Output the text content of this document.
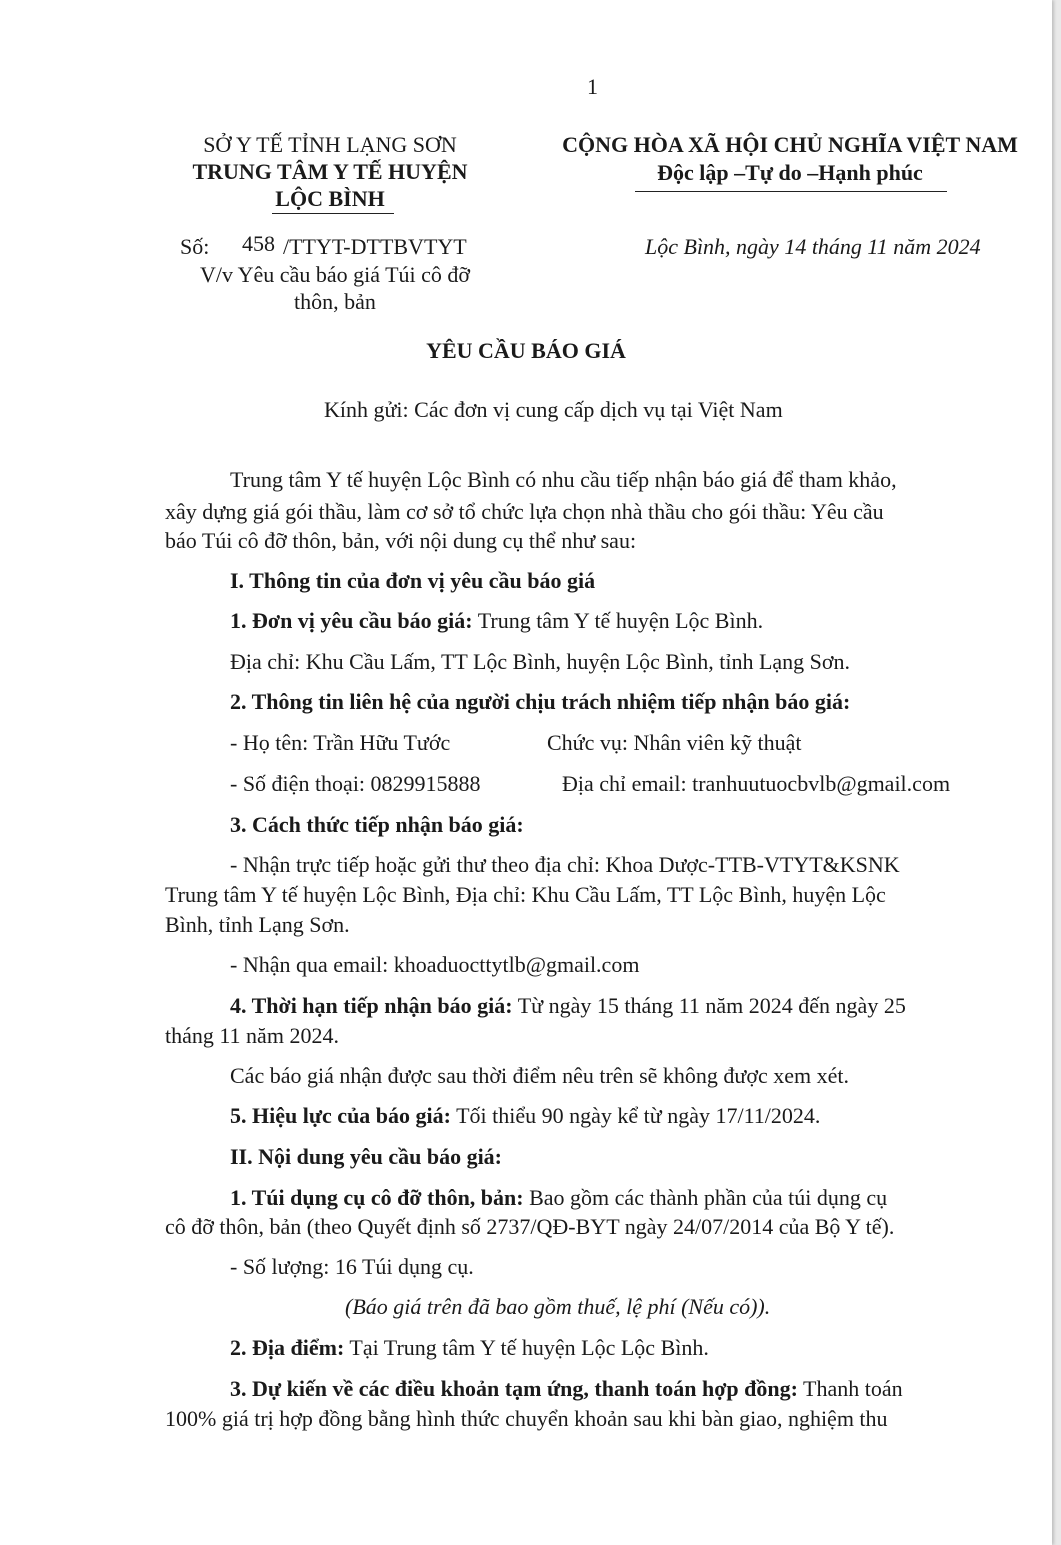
1
SỞ Y TẾ TỈNH LẠNG SƠN
TRUNG TÂM Y TẾ HUYỆN
LỘC BÌNH
CỘNG HÒA XÃ HỘI CHỦ NGHĨA VIỆT NAM
Độc lập –Tự do –Hạnh phúc
Số: 458 /TTYT-DTTBVTYT
V/v Yêu cầu báo giá Túi cô đỡ
thôn, bản
Lộc Bình, ngày 14 tháng 11 năm 2024
YÊU CẦU BÁO GIÁ
Kính gửi: Các đơn vị cung cấp dịch vụ tại Việt Nam
Trung tâm Y tế huyện Lộc Bình có nhu cầu tiếp nhận báo giá để tham khảo,
xây dựng giá gói thầu, làm cơ sở tổ chức lựa chọn nhà thầu cho gói thầu: Yêu cầu
báo Túi cô đỡ thôn, bản, với nội dung cụ thể như sau:
I. Thông tin của đơn vị yêu cầu báo giá
1. Đơn vị yêu cầu báo giá: Trung tâm Y tế huyện Lộc Bình.
Địa chỉ: Khu Cầu Lấm, TT Lộc Bình, huyện Lộc Bình, tỉnh Lạng Sơn.
2. Thông tin liên hệ của người chịu trách nhiệm tiếp nhận báo giá:
- Họ tên: Trần Hữu Tước	Chức vụ: Nhân viên kỹ thuật
- Số điện thoại: 0829915888	Địa chỉ email: tranhuutuocbvlb@gmail.com
3. Cách thức tiếp nhận báo giá:
- Nhận trực tiếp hoặc gửi thư theo địa chỉ: Khoa Dược-TTB-VTYT&KSNK
Trung tâm Y tế huyện Lộc Bình, Địa chỉ: Khu Cầu Lấm, TT Lộc Bình, huyện Lộc
Bình, tỉnh Lạng Sơn.
- Nhận qua email: khoaduocttytlb@gmail.com
4. Thời hạn tiếp nhận báo giá: Từ ngày 15 tháng 11 năm 2024 đến ngày 25
tháng 11 năm 2024.
Các báo giá nhận được sau thời điểm nêu trên sẽ không được xem xét.
5. Hiệu lực của báo giá: Tối thiểu 90 ngày kể từ ngày 17/11/2024.
II. Nội dung yêu cầu báo giá:
1. Túi dụng cụ cô đỡ thôn, bản: Bao gồm các thành phần của túi dụng cụ
cô đỡ thôn, bản (theo Quyết định số 2737/QĐ-BYT ngày 24/07/2014 của Bộ Y tế).
- Số lượng: 16 Túi dụng cụ.
(Báo giá trên đã bao gồm thuế, lệ phí (Nếu có)).
2. Địa điểm: Tại Trung tâm Y tế huyện Lộc Lộc Bình.
3. Dự kiến về các điều khoản tạm ứng, thanh toán hợp đồng: Thanh toán
100% giá trị hợp đồng bằng hình thức chuyển khoản sau khi bàn giao, nghiệm thu
